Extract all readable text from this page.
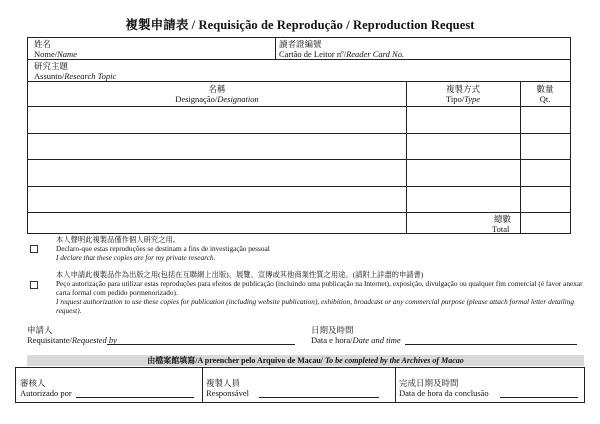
複製申請表 / Requisição de Reprodução / Reproduction Request
姓名
Nome/Name
讀者證編號
Cartão de Leitor nº/Reader Card No.
研究主題
Assunto/Research Topic
名稱
Designação/Designation
複製方式
Tipo/Type
數量
Qt.
總數
Total
本人聲明此複製品僅作個人研究之用。
Declaro-que estas reproduções se destinam a fins de investigação pessoal
I declare that these copies are for my private research.
本人申請此複製品作為出版之用(包括在互聯網上出版)、展覽、宣傳或其他商業性質之用途。(請附上詳盡的申請書)
Peço autorização para utilizar estas reproduções para efeitos de publicação (incluindo uma publicação na Internet), exposição, divulgação ou qualquer fim comercial (é favor anexar carta formal com pedido pormenorizado).
I request authorization to use these copies for publication (including website publication), exhibition, broadcast or any commercial purpose (please attach formal letter detailing request).
申請人
Requisitante/Requested by
日期及時間
Data e hora/Date and time
由檔案館填寫/A preencher pelo Arquivo de Macau/ To be completed by the Archives of Macao
審核人
Autorizado por
複製人員
Responsável
完成日期及時間
Data de hora da conclusão
